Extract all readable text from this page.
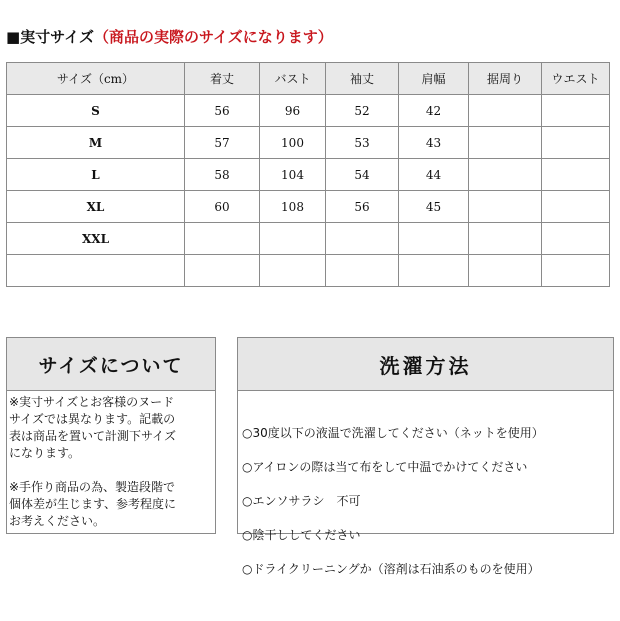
■実寸サイズ（商品の実際のサイズになります）
サイズ（cm）	着丈	バスト	袖丈	肩幅	据周り	ウエスト
S	56	96	52	42		
M	57	100	53	43		
L	58	104	54	44		
XL	60	108	56	45		
XXL						

サイズについて
※実寸サイズとお客様のヌード
サイズでは異なります。記載の
表は商品を置いて計測下サイズ
になります。

※手作り商品の為、製造段階で
個体差が生じます、参考程度に
お考えください。
洗濯方法

○30度以下の液温で洗濯してください（ネットを使用）

○アイロンの際は当て布をして中温でかけてください

○エンソサラシ　不可

○陰干ししてください

○ドライクリーニングか（溶剤は石油系のものを使用）
